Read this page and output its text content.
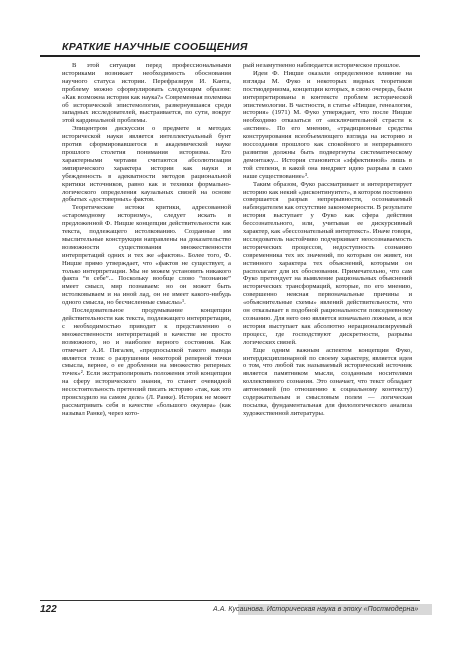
КРАТКИЕ НАУЧНЫЕ СООБЩЕНИЯ

В этой ситуации перед профессиональными историками возникает необходимость обоснования научного статуса истории. Перефразируя И. Канта, проблему можно сформулировать следующим образом: «Как возможна история как наука?» Современная полемика об исторической эпистемологии, развернувшаяся среди западных исследователей, выстраивается, по сути, вокруг этой кардинальной проблемы.

Эпицентром дискуссии о предмете и методах исторической науки является интеллектуальный бунт против сформировавшегося в академической науке прошлого столетия понимания историзма. Его характерными чертами считаются абсолютизация эмпирического характера истории как науки и убежденность в адекватности методов рациональной критики источников, равно как и техники формально-логического определения каузальных связей на основе добытых «достоверных» фактов.

Теоретические истоки критики, адресованной «старомодному историзму», следует искать в предложенной Ф. Ницше концепции действительности как текста, подлежащего истолкованию. Созданные им мыслительные конструкции направлены на доказательство возможности существования множественности интерпретаций одних и тех же «фактов». Более того, Ф. Ницше прямо утверждает, что «фактов не существует, а только интерпретации. Мы не можем установить никакого факта “в себе”... Поскольку вообще слово “познание” имеет смысл, мир познаваем: но он может быть истолковываем и на иной лад, он не имеет какого-нибудь одного смысла, но бесчисленные смыслы»¹.

Последовательное продумывание концепции действительности как текста, подлежащего интерпретации, с необходимостью приводит к представлению о множественности интерпретаций в качестве не просто возможного, но и наиболее верного состояния. Как отмечает А.И. Пигалев, «предпосылкой такого вывода является тезис о разрушении некоторой реперной точки смысла, вернее, о ее дроблении на множество реперных точек»². Если экстраполировать положения этой концепции на сферу исторического знания, то станет очевидной несостоятельность претензий писать историю «так, как это происходило на самом деле» (Л. Ранке). Историк не может рассматривать себя в качестве «большого окуляра» (как называл Ранке), через кото-

рый незамутненно наблюдается историческое прошлое.

Идеи Ф. Ницше оказали определенное влияние на взгляды М. Фуко и некоторых видных теоретиков постмодернизма, концепции которых, в свою очередь, были интерпретированы в контексте проблем исторической эпистемологии. В частности, в статье «Ницше, генеалогия, история» (1971) М. Фуко утверждает, что после Ницше необходимо отказаться от «исключительной страсти к «истине». По его мнению, «традиционные средства конструирования всеобъемлющего взгляда на историю и воссоздания прошлого как спокойного и непрерывного развития должны быть подвергнуты систематическому демонтажу... История становится «эффективной» лишь в той степени, в какой она внедряет идею разрыва в само наше существование»³.

Таким образом, Фуко рассматривает и интерпретирует историю как некий «дисконтинуитет», в котором постоянно совершается разрыв непрерывности, осознаваемый наблюдателем как отсутствие закономерности. В результате история выступает у Фуко как сфера действия бессознательного, или, учитывая ее дискурсивный характер, как «бессознательный интертекст». Иначе говоря, исследователь настойчиво подчеркивает неосознаваемость исторических процессов, недоступность сознанию современника тех их значений, по которым он живет, ни истинного характера тех объяснений, которыми он располагает для их обоснования. Примечательно, что сам Фуко претендует на выявление рациональных объяснений исторических трансформаций, которые, по его мнению, совершенно неясная первоначальные причины и «объяснительные схемы» явлений действительности, что он отказывает в подобной рациональности повседневному сознанию. Для него оно является изначально ложным, а вся история выступает как абсолютно нерационализируемый процесс, где господствуют дискретности, разрывы логических связей.

Еще одним важным аспектом концепции Фуко, интердисциплинарной по своему характеру, является идея о том, что любой так называемый исторический источник является памятником мысли, созданным носителями коллективного сознания. Это означает, что текст обладает автономией (по отношению к социальному контексту) содержательным и смысловым полем — логическая посылка, фундаментальная для филологического анализа художественной литературы.

122	А.А. Кусаинова. Историческая наука в эпоху «Постмодерна»
